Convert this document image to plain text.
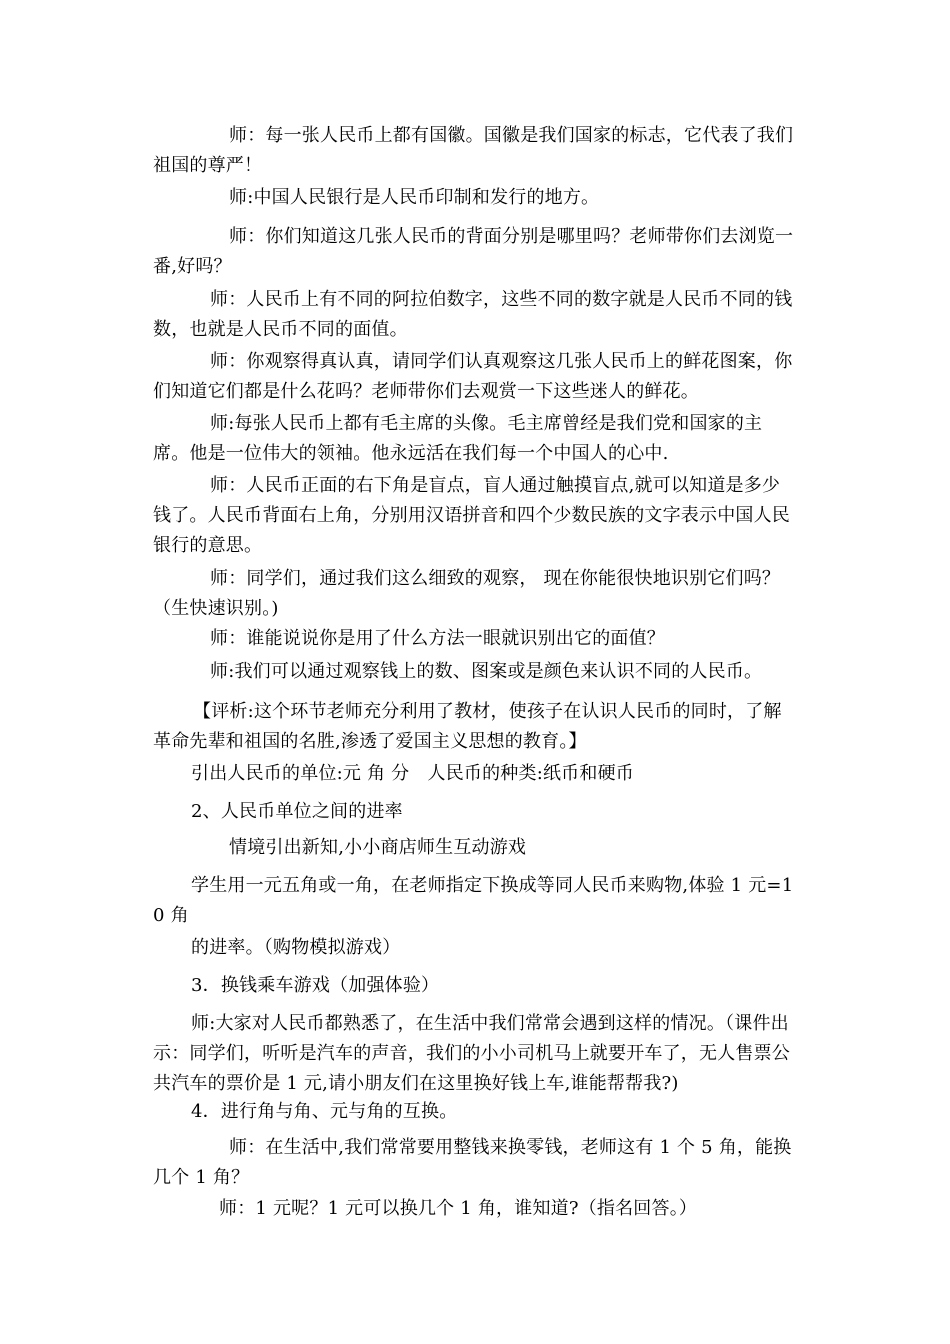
师：每一张人民币上都有国徽。国徽是我们国家的标志，它代表了我们祖国的尊严！

师:中国人民银行是人民币印制和发行的地方。

师：你们知道这几张人民币的背面分别是哪里吗？老师带你们去浏览一番,好吗？

师：人民币上有不同的阿拉伯数字，这些不同的数字就是人民币不同的钱数，也就是人民币不同的面值。

师：你观察得真认真，请同学们认真观察这几张人民币上的鲜花图案，你们知道它们都是什么花吗？老师带你们去观赏一下这些迷人的鲜花。

师:每张人民币上都有毛主席的头像。毛主席曾经是我们党和国家的主席。他是一位伟大的领袖。他永远活在我们每一个中国人的心中.

师：人民币正面的右下角是盲点，盲人通过触摸盲点,就可以知道是多少钱了。人民币背面右上角，分别用汉语拼音和四个少数民族的文字表示中国人民银行的意思。

师：同学们，通过我们这么细致的观察， 现在你能很快地识别它们吗？（生快速识别。)

师：谁能说说你是用了什么方法一眼就识别出它的面值？

师:我们可以通过观察钱上的数、图案或是颜色来认识不同的人民币。

【评析:这个环节老师充分利用了教材，使孩子在认识人民币的同时，了解革命先辈和祖国的名胜,渗透了爱国主义思想的教育。】

引出人民币的单位:元 角 分　人民币的种类:纸币和硬币

2、人民币单位之间的进率

情境引出新知,小小商店师生互动游戏

学生用一元五角或一角，在老师指定下换成等同人民币来购物,体验 1 元=10 角

的进率。（购物模拟游戏）

3．换钱乘车游戏（加强体验）

师:大家对人民币都熟悉了，在生活中我们常常会遇到这样的情况。（课件出示：同学们，听听是汽车的声音，我们的小小司机马上就要开车了，无人售票公共汽车的票价是 1 元,请小朋友们在这里换好钱上车,谁能帮帮我?)

4．进行角与角、元与角的互换。

师：在生活中,我们常常要用整钱来换零钱，老师这有 1 个 5 角，能换几个 1 角？

师：1 元呢？1 元可以换几个 1 角，谁知道?（指名回答。）
